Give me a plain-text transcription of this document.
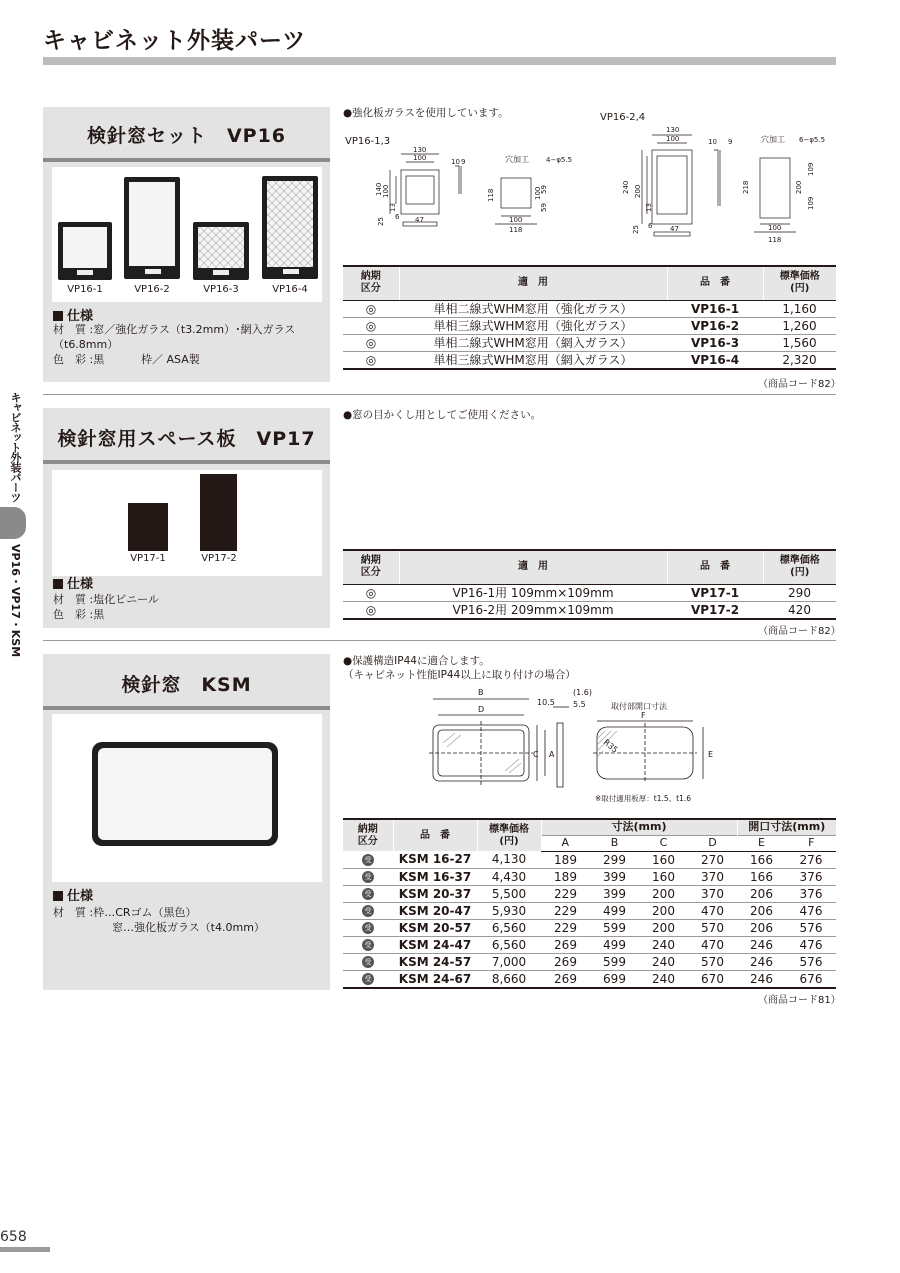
キャビネット外装パーツ
キャビネット外装パーツ
VP16・VP17・KSM
検針窓セット　VP16
VP16-1	VP16-2	VP16-3	VP16-4
仕様
材　質 :窓／強化ガラス（t3.2mm）･網入ガラス（t6.8mm）
枠／ ASA製
色　彩 :黒
●強化板ガラスを使用しています。
VP16-1,3
130
100	10 9	穴加工 4−φ5.5
140 100
13
6
25	47
118	100
59
59
100
118
VP16-2,4
130
100	10 9	穴加工 6−φ5.5
240 200
13
6
25	47
218	200
109
109
100
118
納期
区分	適　用	品　番	標準価格
(円)
◎	単相二線式WHM窓用（強化ガラス）	VP16-1	1,160
◎	単相三線式WHM窓用（強化ガラス）	VP16-2	1,260
◎	単相二線式WHM窓用（網入ガラス）	VP16-3	1,560
◎	単相三線式WHM窓用（網入ガラス）	VP16-4	2,320
（商品コード82）
検針窓用スペース板　VP17
VP17-1	VP17-2
仕様
材　質 :塩化ビニール
色　彩 :黒
●窓の目かくし用としてご使用ください。
納期
区分	適　用	品　番	標準価格
(円)
◎	VP16-1用 109mm×109mm	VP17-1	290
◎	VP16-2用 209mm×109mm	VP17-2	420
（商品コード82）
検針窓　KSM
仕様
材　質 :枠…CRゴム（黒色）
窓…強化板ガラス（t4.0mm）
●保護構造IP44に適合します。
（キャビネット性能IP44以上に取り付けの場合）
B
D
10.5
(1.6)
5.5
A
C
取付部開口寸法
F
R35	E
※取付適用板厚：t1.5、t1.6
納期
区分	品　番	標準価格
(円)	寸法(mm)				開口寸法(mm)	
			A	B	C	D	E	F
受	KSM 16-27	4,130	189	299	160	270	166	276
受	KSM 16-37	4,430	189	399	160	370	166	376
受	KSM 20-37	5,500	229	399	200	370	206	376
受	KSM 20-47	5,930	229	499	200	470	206	476
受	KSM 20-57	6,560	229	599	200	570	206	576
受	KSM 24-47	6,560	269	499	240	470	246	476
受	KSM 24-57	7,000	269	599	240	570	246	576
受	KSM 24-67	8,660	269	699	240	670	246	676
（商品コード81）
658
